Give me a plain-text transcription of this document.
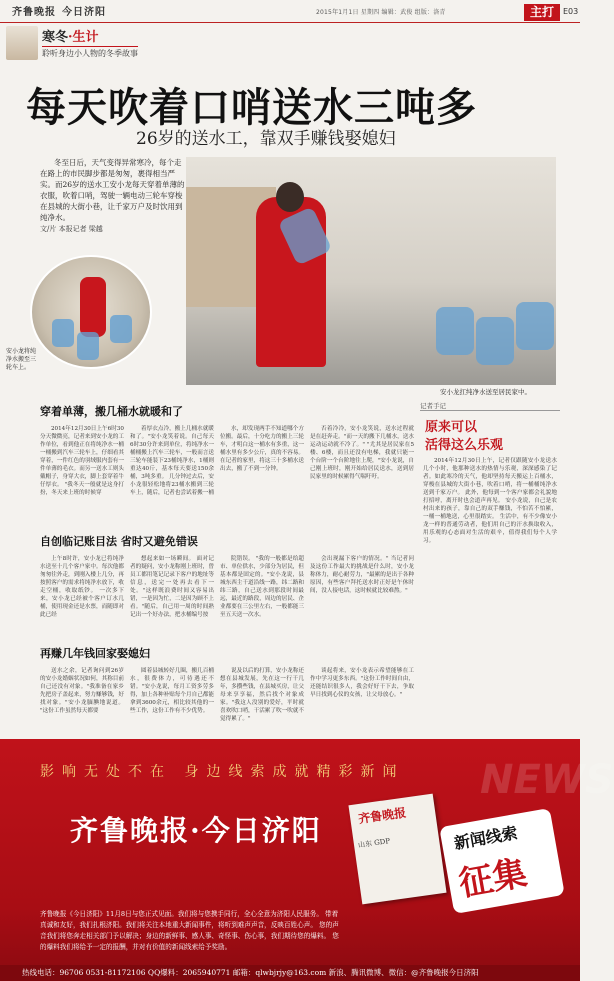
齐鲁晚报 今日济阳	2015年1月1日 星期四 编辑：武俊 组版：洛青	主打	E03
寒冬·生计
聆听身边小人物的冬季故事
每天吹着口哨送水三吨多
26岁的送水工，靠双手赚钱娶媳妇
冬至日后，天气变得异常寒冷，每个走在路上的市民脚步都是匆匆，裹得相当严实。而26岁的送水工安小龙每天穿着单薄的衣服，吹着口哨，驾驶一辆电动三轮车穿梭在县城的大街小巷，让千家万户及时饮用到纯净水。
文/片 本报记者 梁越
安小龙将纯净水搬至三轮车上。
安小龙扛纯净水送至居民家中。
穿着单薄，搬几桶水就暖和了
2014年12月30日上午6时30分天微微亮，记者来到安小龙的工作单位，看到他正在将纯净水一桶一桶搬到汽车三轮车上，仔细看其穿着，一件红色的羽绒服内套有一件单薄的毛衣。而另一送水工则头戴帽子，身穿大衣，脚上套穿着牛仔厚衣。 "我冬天一般就是这身打扮，冬天来上班的时候穿
着厚衣点冷，搬上几桶水就暖和了。"安小龙笑着说。自己每天6时30分许来到单位，将纯净水一桶桶搬上汽车三轮车，一般而言送三轮车能装下23桶纯净水，1桶则重达40斤，基本每天要送150余桶，3吨多重。 几分钟过去后，安小龙很轻松地将23桶水搬到三轮车上，随后，记者也尝试着搬一桶
水，却发现两手不知道哪个方位搬。最后，十分吃力的搬上三轮车，才明白这一桶水有多重，这一桶水里有多少公斤，真的不容易。在记者的家里，将这三十多桶水送出去，搬了不到一分钟。
否着冷冷，安小龙笑说，送水过程就是在赶奔走。"而一天的搬下几桶水，送水运动运动就不冷了。" "尤其是居民家在5楼、6楼，而且还没有电梯，我就只能一个台阶一个台阶地往上爬，"安小龙说，自己刚上班时，刚开始给居民送水，送到居民家里的时候累得气喘吁吁。
自创临记账目法 省时又避免错误
上午8时许，安小龙已将纯净水送至十几个客户家中。每次他都匆匆往外走，到刚入楼上几分，再按照客户的需求将纯净水放下，收走空桶，收取纸钞。 一次多下来，安小龙已经被个客户订水几桶，使用现金还是水票，而随即对此已经
想起来如一场瞬间。 面对记者的疑问，安小龙称刚上班时，曾员工都用笔记记录下客户的地址等信息，送完一处再去看下一处。"这样既浪费时间又容易出错，一是因为忙，二是因为顾不上看。"随后，自己用一周的时间熟记出一个好办法，把水桶编号按
院错误。 "我的一般都是给超市、单位供水，少部分为居民，但基本都是固定的。"安小龙说，县城东西主干道沿线一路，纬二路和纬三路，自己送水到那段时间最远，最近的路段，周边的居民、企业都要在三公里左右，一般都能三至五天送一次水。
会出现漏下客户的情况。" 当记者问及这份工作最大的挑战是什么时，安小龙称体力，耐心耐劳力，"最累的是出于各种原因，有些客户拜托送水时正好是午休时间，没人接电话，这时候就比较难熬。"
再赚几年钱回家娶媳妇
送水之余，记者询问到26岁的安小龙婚姻状况如何，其称目前自己还没有对象。"我准备在家乡先把房子盖起来，努力赚够钱，好找对象。"安小龙腼腆地说道。 "这份工作虽然每天都要
圆着县城转好几圈，搬几百桶水，很费体力，可待遇还不错。"安小龙说，每月工资多劳多得，加上各种补贴每个月自己都能拿到3600余元，相比较其他的一些工作，这份工作有不少优势。
说及以后的打算，安小龙称还想在县城发展，先在这一行干几年，多攒些钱，在县城买房，让父母来享享福，然后找个对象成家。"我这人没别的爱好，平时就喜欢吹口哨，干活累了吹一吹就不觉得累了。"
谈起将来，安小龙表示希望能够在工作中学习更多东西。"这份工作时间自由，还能结识很多人，我会好好干下去，争取早日找到心仪的女孩，让父母放心。"
记者手记
原来可以
活得这么乐观
2014年12月30日上午，记者仅跟随安小龙送水几个小时，他那种送水的热情与乐观，深深感染了记者。如此寒冷的天气，他却坚持每天搬运上百桶水，穿梭在县城的大街小巷，吹着口哨，将一桶桶纯净水送到千家万户。 此外，他每到一个客户家都会礼貌地打招呼，离开时也会道声再见。 安小龙说，自己是农村出来的孩子，靠自己的双手赚钱，不怕苦不怕累，一桶一桶地送，心里很踏实。 生活中，有不少像安小龙一样的普通劳动者，他们用自己的汗水换取收入，用乐观的心态面对生活的艰辛，值得我们每个人学习。
影响无处不在 身边线索成就精彩新闻 NEWS
齐鲁晚报·今日济阳	齐鲁晚报
山东 GDP	新闻线索
征集
齐鲁晚报《今日济阳》11月8日与您正式见面。我们将与您携手同行，全心全意为济阳人民服务。 带着真诚和友好，我们扎根济阳。我们将关注本地重大新闻事件，将听到难声声音，反映百姓心声。 您的声音我们将您奔走相关部门予以解决；身边的新鲜事、感人事、奇怪事、伤心事，我们期待您的爆料。 您的爆料我们将给予一定的报酬，并对有价值的新闻线索给予奖励。
热线电话：96706 0531-81172106 QQ爆料：2065940771 邮箱：qlwbjrjy@163.com 新浪、腾讯微博、微信：@齐鲁晚报今日济阳
